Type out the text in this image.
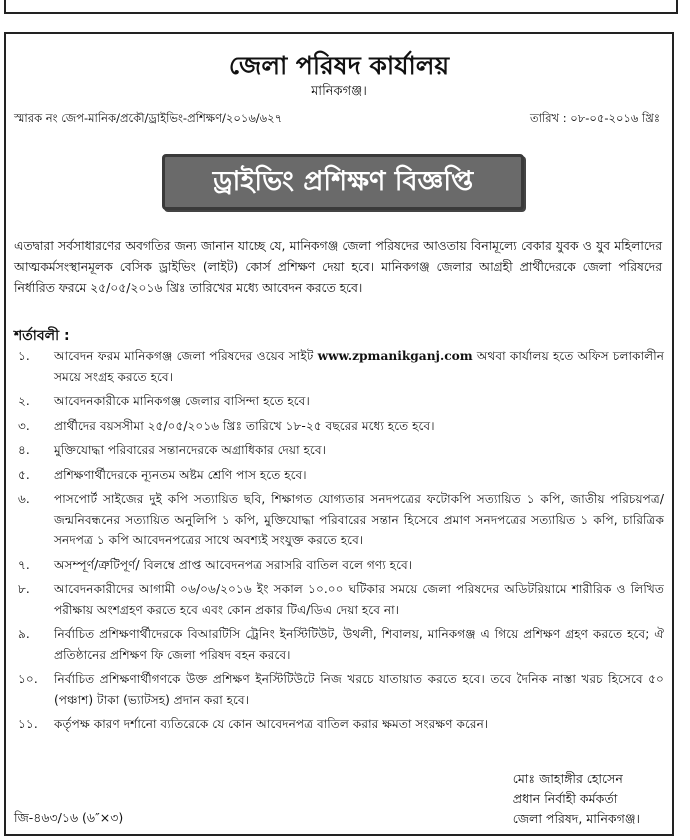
জেলা পরিষদ কার্যালয়
মানিকগঞ্জ।
স্মারক নং জেপ-মানিক/প্রকৌ/ড্রাইভিং-প্রশিক্ষণ/২০১৬/৬২৭	তারিখ : ০৮-০৫-২০১৬ খ্রিঃ
ড্রাইভিং প্রশিক্ষণ বিজ্ঞপ্তি
এতদ্বারা সর্বসাধারণের অবগতির জন্য জানান যাচ্ছে যে, মানিকগঞ্জ জেলা পরিষদের আওতায় বিনামূল্যে বেকার যুবক ও যুব মহিলাদের আত্মকর্মসংস্থানমূলক বেসিক ড্রাইভিং (লাইট) কোর্স প্রশিক্ষণ দেয়া হবে। মানিকগঞ্জ জেলার আগ্রহী প্রার্থীদেরকে জেলা পরিষদের নির্ধারিত ফরমে ২৫/০৫/২০১৬ খ্রিঃ তারিখের মধ্যে আবেদন করতে হবে।
শর্তাবলী :
১. আবেদন ফরম মানিকগঞ্জ জেলা পরিষদের ওয়েব সাইট www.zpmanikganj.com অথবা কার্যালয় হতে অফিস চলাকালীন সময়ে সংগ্রহ করতে হবে।
২. আবেদনকারীকে মানিকগঞ্জ জেলার বাসিন্দা হতে হবে।
৩. প্রার্থীদের বয়সসীমা ২৫/০৫/২০১৬ খ্রিঃ তারিখে ১৮-২৫ বছরের মধ্যে হতে হবে।
৪. মুক্তিযোদ্ধা পরিবারের সন্তানদেরকে অগ্রাধিকার দেয়া হবে।
৫. প্রশিক্ষণার্থীদেরকে ন্যূনতম অষ্টম শ্রেণি পাস হতে হবে।
৬. পাসপোর্ট সাইজের দুই কপি সত্যায়িত ছবি, শিক্ষাগত যোগ্যতার সনদপত্রের ফটোকপি সত্যায়িত ১ কপি, জাতীয় পরিচয়পত্র/জন্মনিবন্ধনের সত্যায়িত অনুলিপি ১ কপি, মুক্তিযোদ্ধা পরিবারের সন্তান হিসেবে প্রমাণ সনদপত্রের সত্যায়িত ১ কপি, চারিত্রিক সনদপত্র ১ কপি আবেদনপত্রের সাথে অবশ্যই সংযুক্ত করতে হবে।
৭. অসম্পূর্ণ/ত্রুটিপূর্ণ/ বিলম্বে প্রাপ্ত আবেদনপত্র সরাসরি বাতিল বলে গণ্য হবে।
৮. আবেদনকারীদের আগামী ০৬/০৬/২০১৬ ইং সকাল ১০.০০ ঘটিকার সময়ে জেলা পরিষদের অডিটরিয়ামে শারীরিক ও লিখিত পরীক্ষায় অংশগ্রহণ করতে হবে এবং কোন প্রকার টিএ/ডিএ দেয়া হবে না।
৯. নির্বাচিত প্রশিক্ষণার্থীদেরকে বিআরটিসি ট্রেনিং ইনস্টিটিউট, উথলী, শিবালয়, মানিকগঞ্জ এ গিয়ে প্রশিক্ষণ গ্রহণ করতে হবে; ঐ প্রতিষ্ঠানের প্রশিক্ষণ ফি জেলা পরিষদ বহন করবে।
১০. নির্বাচিত প্রশিক্ষণার্থীগণকে উক্ত প্রশিক্ষণ ইনস্টিটিউটে নিজ খরচে যাতায়াত করতে হবে। তবে দৈনিক নাস্তা খরচ হিসেবে ৫০ (পঞ্চাশ) টাকা (ভ্যাটসহ) প্রদান করা হবে।
১১. কর্তৃপক্ষ কারণ দর্শানো ব্যতিরেকে যে কোন আবেদনপত্র বাতিল করার ক্ষমতা সংরক্ষণ করেন।
মোঃ জাহাঙ্গীর হোসেন
প্রধান নির্বাহী কর্মকর্তা
জেলা পরিষদ, মানিকগঞ্জ।
জি-৪৬৩/১৬ (৬″×৩)
